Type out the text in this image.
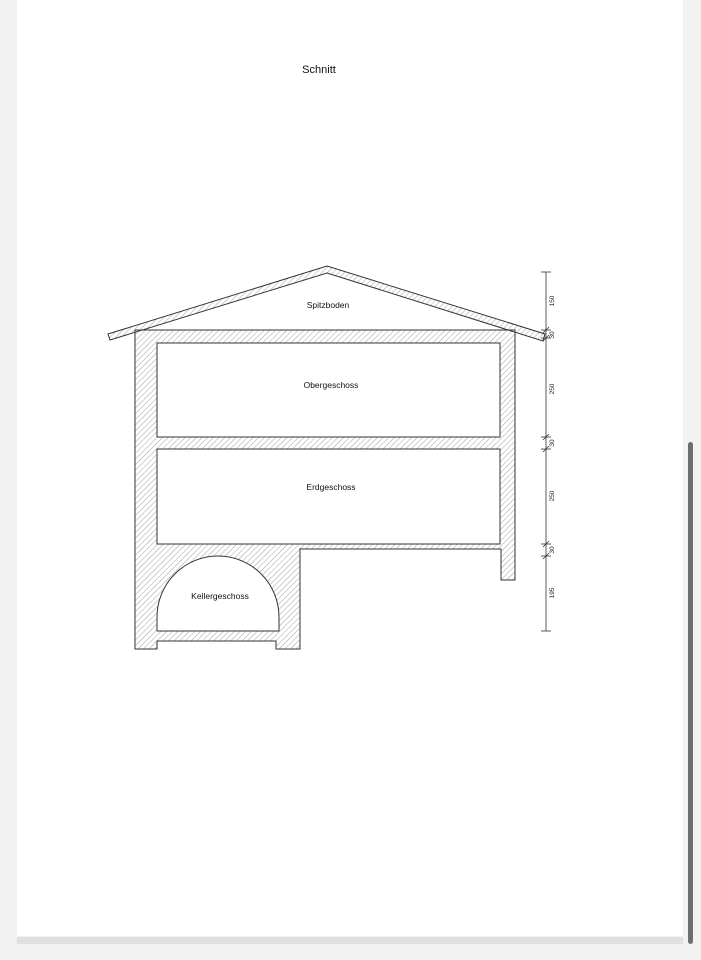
Spitzboden
Obergeschoss
Erdgeschoss
Kellergeschoss
150
30
250
30
250
30
195
